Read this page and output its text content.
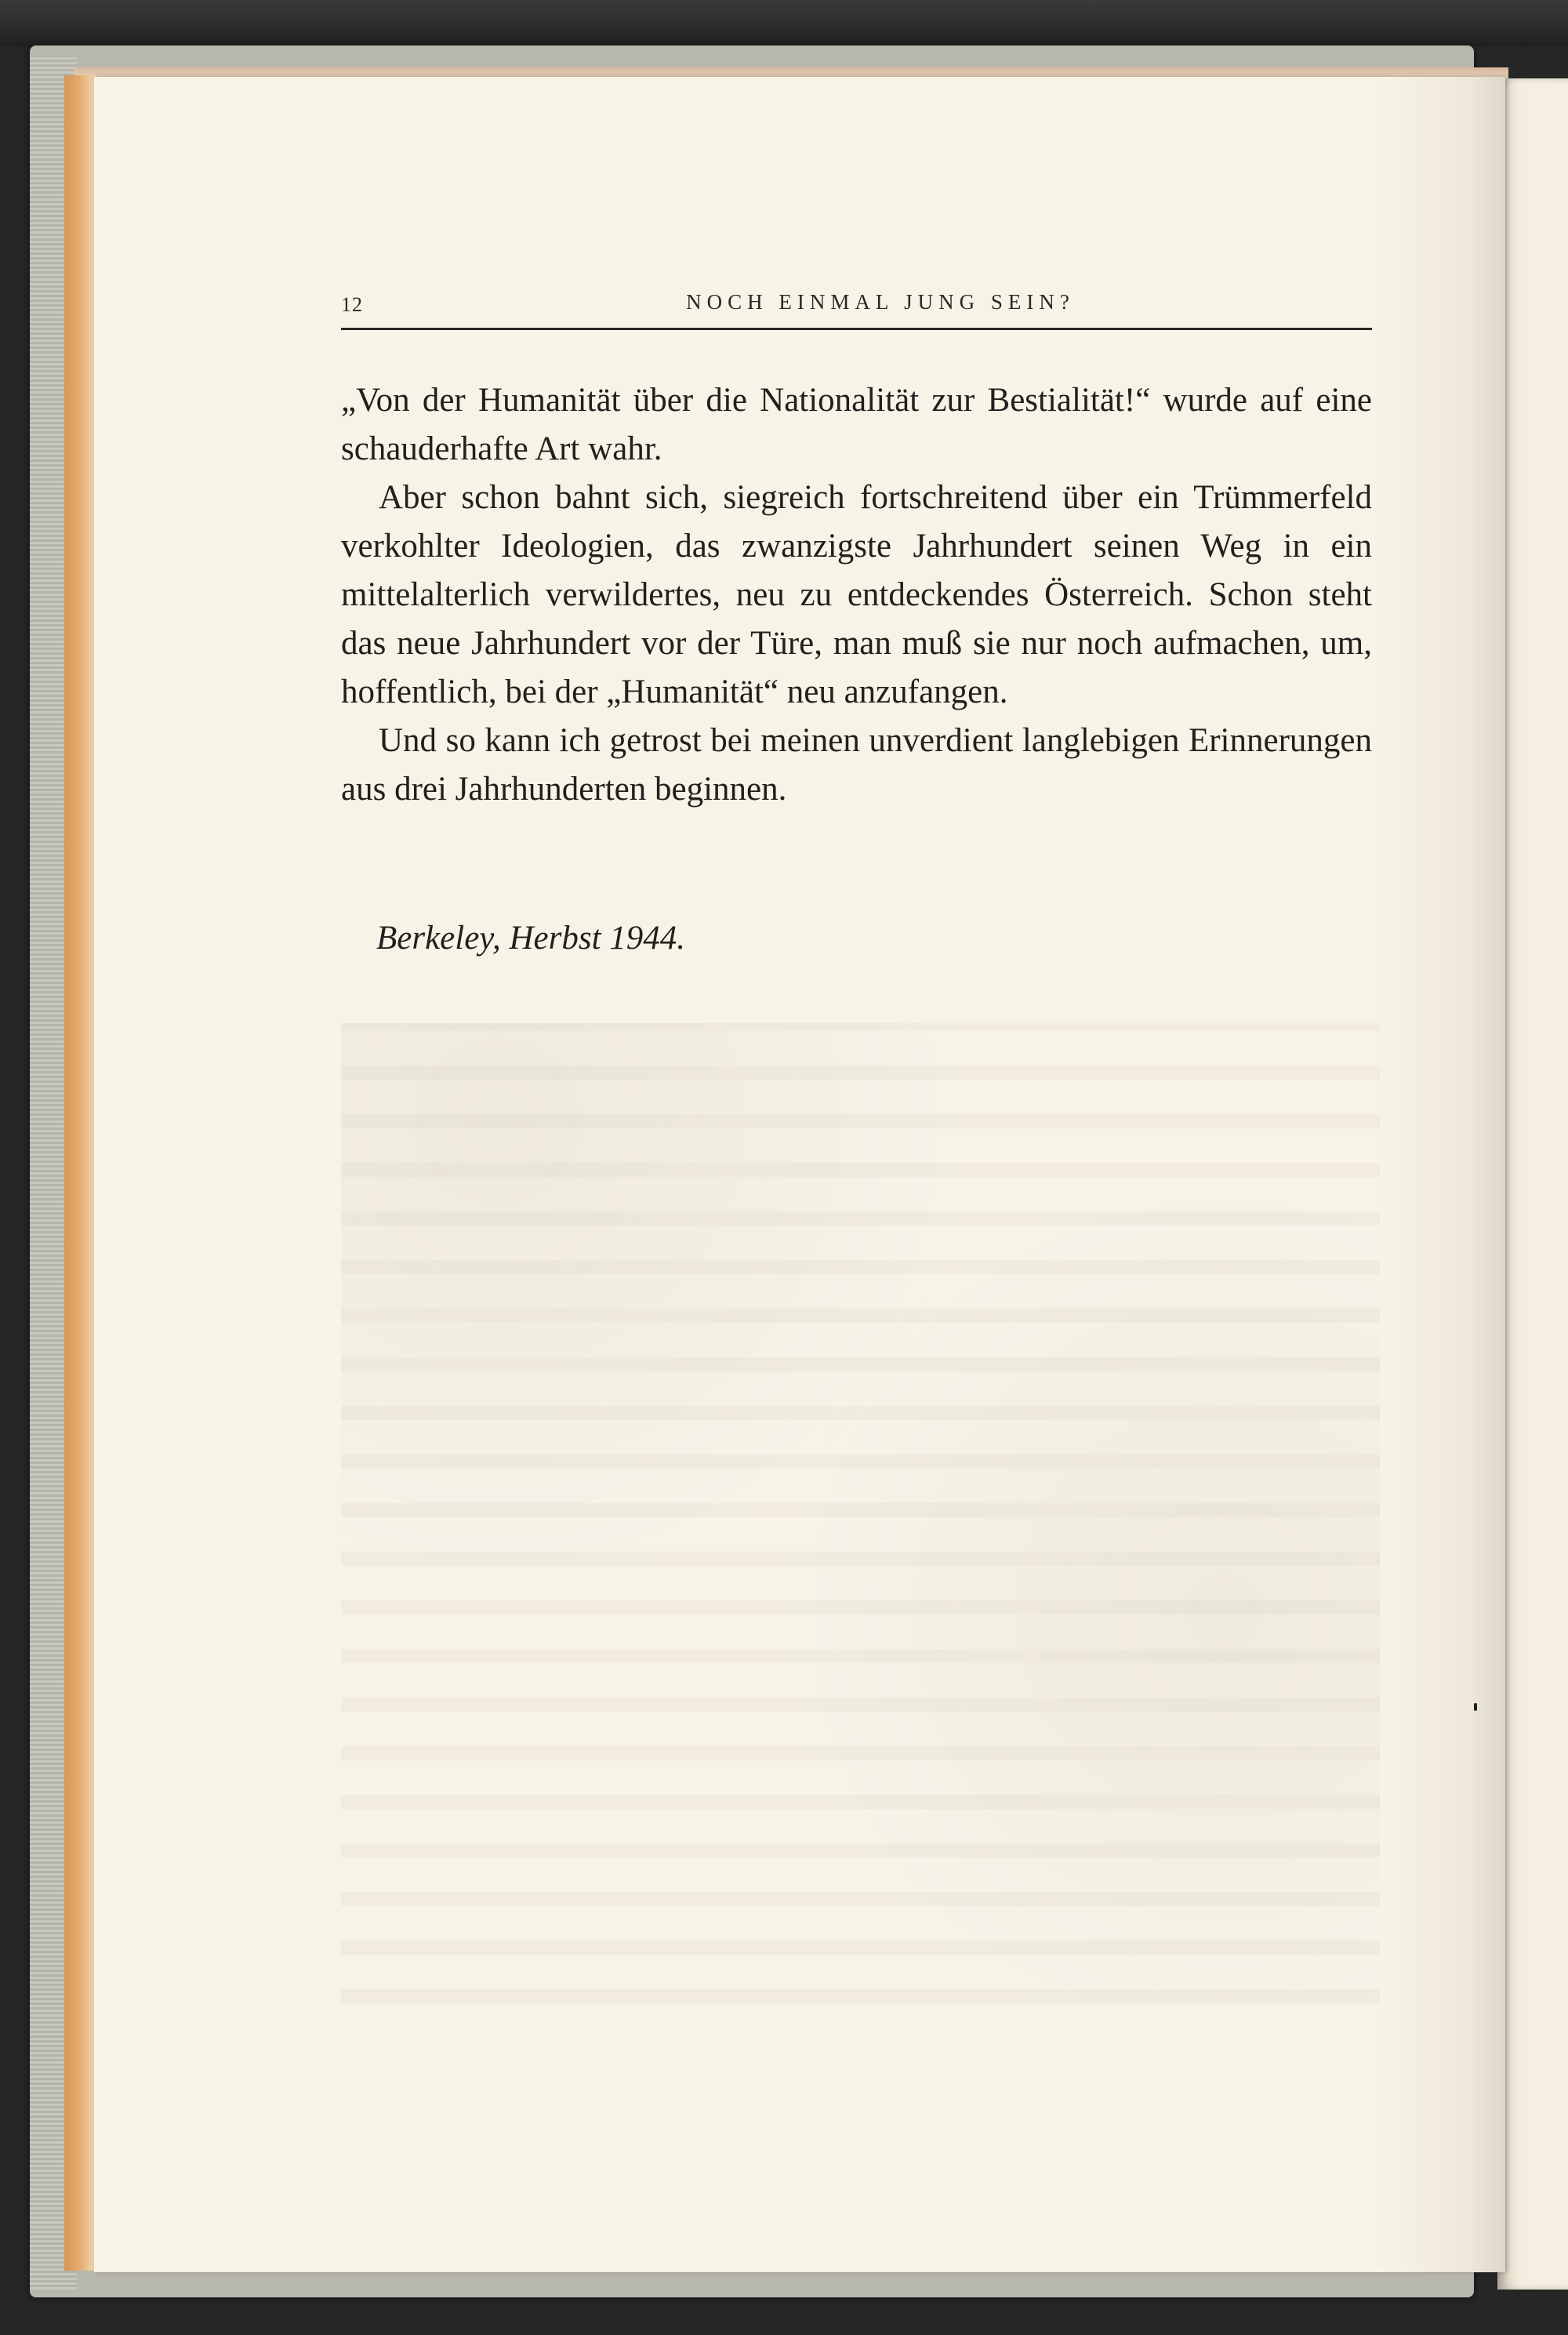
12	NOCH EINMAL JUNG SEIN?

„Von der Humanität über die Nationalität zur Bestialität!“ wurde auf eine schauderhafte Art wahr.

Aber schon bahnt sich, siegreich fortschreitend über ein Trümmerfeld verkohlter Ideologien, das zwanzigste Jahrhundert seinen Weg in ein mittelalterlich verwildertes, neu zu entdeckendes Österreich. Schon steht das neue Jahrhundert vor der Türe, man muß sie nur noch aufmachen, um, hoffentlich, bei der „Humanität“ neu anzufangen.

Und so kann ich getrost bei meinen unverdient langlebigen Erinnerungen aus drei Jahrhunderten beginnen.

Berkeley, Herbst 1944.
